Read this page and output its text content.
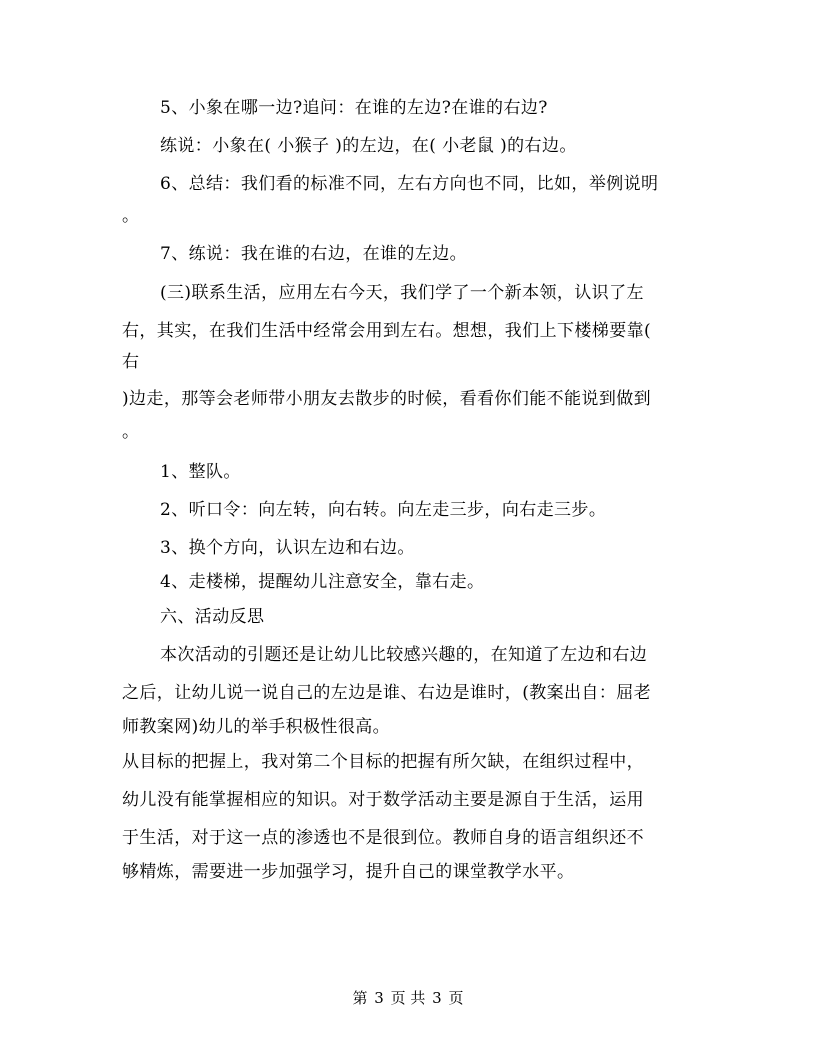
5、小象在哪一边?追问：在谁的左边?在谁的右边?
练说：小象在( 小猴子 )的左边，在( 小老鼠 )的右边。
6、总结：我们看的标准不同，左右方向也不同，比如，举例说明
。
7、练说：我在谁的右边，在谁的左边。
(三)联系生活，应用左右今天，我们学了一个新本领，认识了左
右，其实，在我们生活中经常会用到左右。想想，我们上下楼梯要靠(
右
)边走，那等会老师带小朋友去散步的时候，看看你们能不能说到做到
。
1、整队。
2、听口令：向左转，向右转。向左走三步，向右走三步。
3、换个方向，认识左边和右边。
4、走楼梯，提醒幼儿注意安全，靠右走。
六、活动反思
本次活动的引题还是让幼儿比较感兴趣的，在知道了左边和右边
之后，让幼儿说一说自己的左边是谁、右边是谁时，(教案出自：屈老
师教案网)幼儿的举手积极性很高。
从目标的把握上，我对第二个目标的把握有所欠缺，在组织过程中，
幼儿没有能掌握相应的知识。对于数学活动主要是源自于生活，运用
于生活，对于这一点的渗透也不是很到位。教师自身的语言组织还不
够精炼，需要进一步加强学习，提升自己的课堂教学水平。
第 3 页 共 3 页
